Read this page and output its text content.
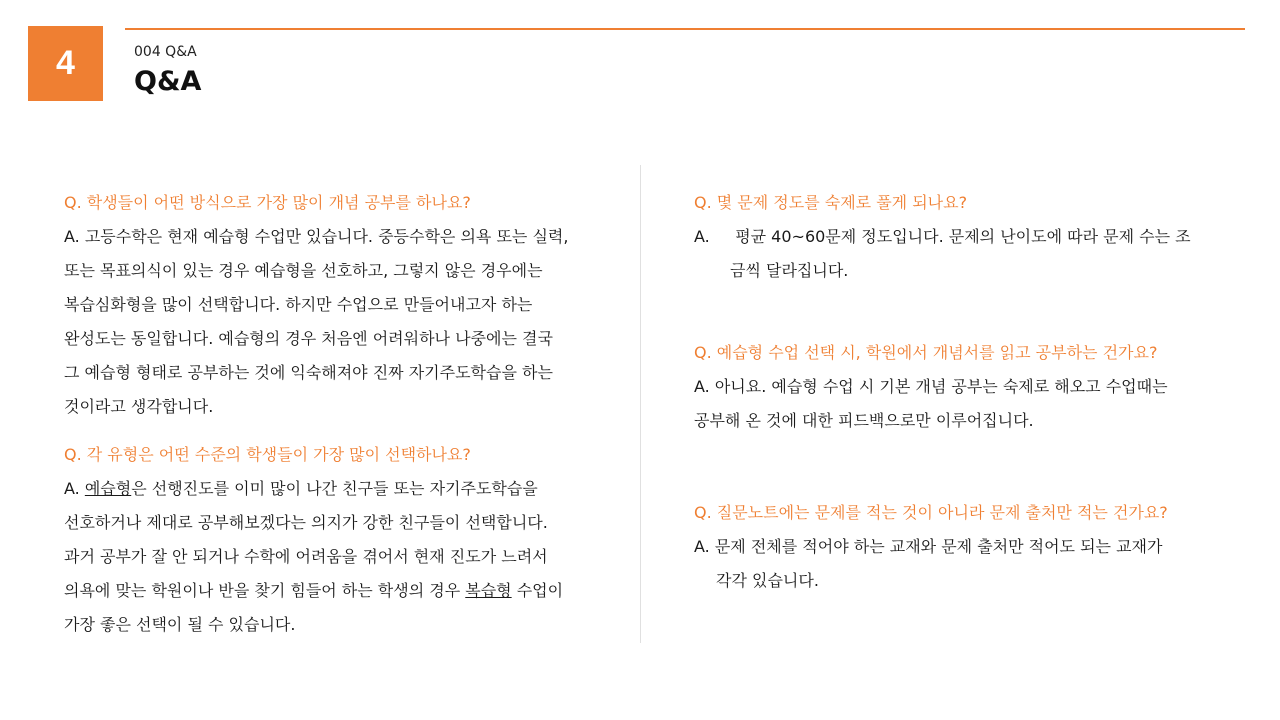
4	004 Q&A
Q&A
Q. 학생들이 어떤 방식으로 가장 많이 개념 공부를 하나요?
A. 고등수학은 현재 예습형 수업만 있습니다. 중등수학은 의욕 또는 실력,
또는 목표의식이 있는 경우 예습형을 선호하고, 그렇지 않은 경우에는
복습심화형을 많이 선택합니다. 하지만 수업으로 만들어내고자 하는
완성도는 동일합니다. 예습형의 경우 처음엔 어려워하나 나중에는 결국
그 예습형 형태로 공부하는 것에 익숙해져야 진짜 자기주도학습을 하는
것이라고 생각합니다.
Q. 각 유형은 어떤 수준의 학생들이 가장 많이 선택하나요?
A. 예습형은 선행진도를 이미 많이 나간 친구들 또는 자기주도학습을
선호하거나 제대로 공부해보겠다는 의지가 강한 친구들이 선택합니다.
과거 공부가 잘 안 되거나 수학에 어려움을 겪어서 현재 진도가 느려서
의욕에 맞는 학원이나 반을 찾기 힘들어 하는 학생의 경우 복습형 수업이
가장 좋은 선택이 될 수 있습니다.
Q. 몇 문제 정도를 숙제로 풀게 되나요?
A. 평균 40~60문제 정도입니다. 문제의 난이도에 따라 문제 수는 조
금씩 달라집니다.
Q. 예습형 수업 선택 시, 학원에서 개념서를 읽고 공부하는 건가요?
A. 아니요. 예습형 수업 시 기본 개념 공부는 숙제로 해오고 수업때는
공부해 온 것에 대한 피드백으로만 이루어집니다.
Q. 질문노트에는 문제를 적는 것이 아니라 문제 출처만 적는 건가요?
A. 문제 전체를 적어야 하는 교재와 문제 출처만 적어도 되는 교재가
각각 있습니다.
